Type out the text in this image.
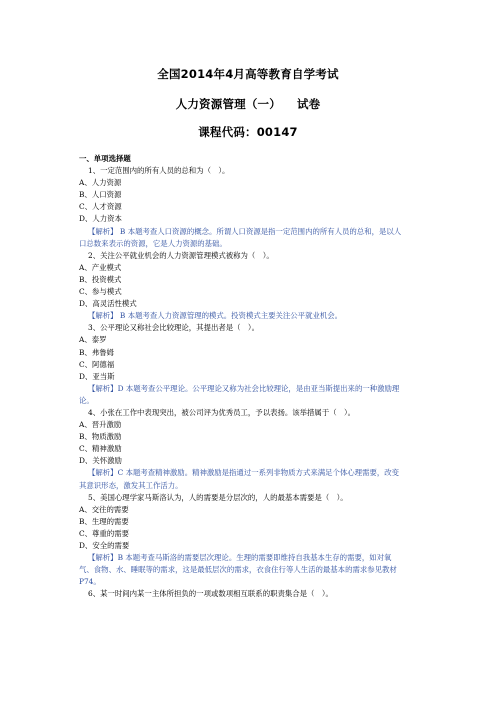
全国2014年4月高等教育自学考试
人力资源管理（一） 试卷
课程代码：00147
一、单项选择题
1、一定范围内的所有人员的总和为（　）。
A、人力资源
B、人口资源
C、人才资源
D、人力资本
【解析】 B 本题考查人口资源的概念。所谓人口资源是指一定范围内的所有人员的总和，是以人口总数来表示的资源，它是人力资源的基础。
2、关注公平就业机会的人力资源管理模式被称为（　）。
A、产业模式
B、投资模式
C、参与模式
D、高灵活性模式
【解析】 B 本题考查人力资源管理的模式。投资模式主要关注公平就业机会。
3、公平理论又称社会比较理论，其提出者是（　）。
A、泰罗
B、弗鲁姆
C、阿德福
D、亚当斯
【解析】D 本题考查公平理论。公平理论又称为社会比较理论，是由亚当斯提出来的一种激励理论。
4、小张在工作中表现突出，被公司评为优秀员工，予以表扬。该举措属于（　）。
A、晋升激励
B、物质激励
C、精神激励
D、关怀激励
【解析】C 本题考查精神激励。精神激励是指通过一系列非物质方式来满足个体心理需要，改变其意识形态，激发其工作活力。
5、美国心理学家马斯洛认为，人的需要是分层次的，人的最基本需要是（　）。
A、交往的需要
B、生理的需要
C、尊重的需要
D、安全的需要
【解析】B 本题考查马斯洛的需要层次理论。生理的需要即维持自我基本生存的需要，如对氧气、食物、水、睡眠等的需求，这是最低层次的需求，衣食住行等人生活的最基本的需求参见教材 P74。
6、某一时间内某一主体所担负的一项或数项相互联系的职责集合是（　）。
